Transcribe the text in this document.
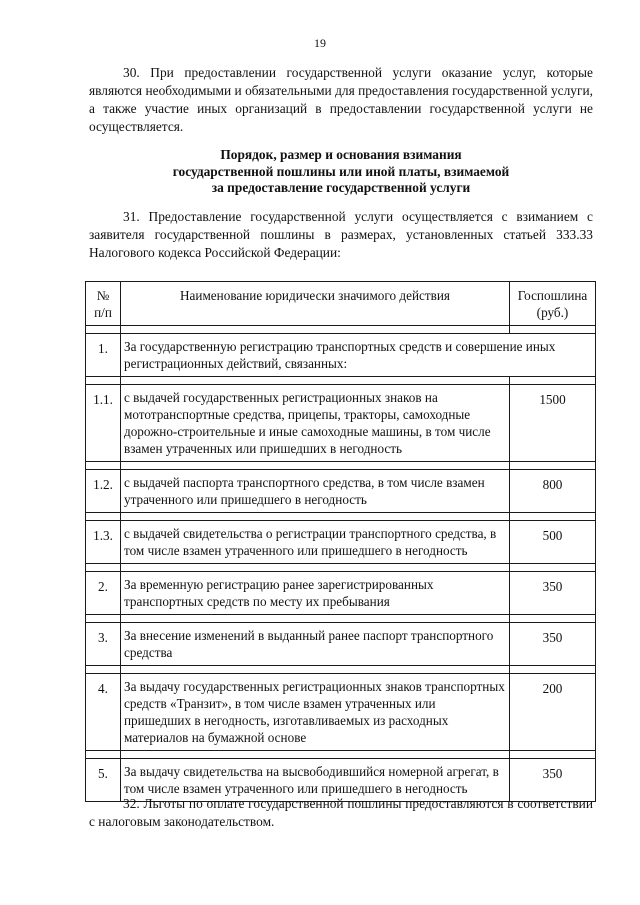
19

30. При предоставлении государственной услуги оказание услуг, которые являются необходимыми и обязательными для предоставления государственной услуги, а также участие иных организаций в предоставлении государственной услуги не осуществляется.

Порядок, размер и основания взимания
государственной пошлины или иной платы, взимаемой
за предоставление государственной услуги

31. Предоставление государственной услуги осуществляется с взиманием с заявителя государственной пошлины в размерах, установленных статьей 333.33 Налогового кодекса Российской Федерации:

№ п/п	Наименование юридически значимого действия	Госпошлина (руб.)

1.	За государственную регистрацию транспортных средств и совершение иных регистрационных действий, связанных:	

1.1.	с выдачей государственных регистрационных знаков на мототранспортные средства, прицепы, тракторы, самоходные дорожно-строительные и иные самоходные машины, в том числе взамен утраченных или пришедших в негодность	1500

1.2.	с выдачей паспорта транспортного средства, в том числе взамен утраченного или пришедшего в негодность	800

1.3.	с выдачей свидетельства о регистрации транспортного средства, в том числе взамен утраченного или пришедшего в негодность	500

2.	За временную регистрацию ранее зарегистрированных транспортных средств по месту их пребывания	350

3.	За внесение изменений в выданный ранее паспорт транспортного средства	350

4.	За выдачу государственных регистрационных знаков транспортных средств «Транзит», в том числе взамен утраченных или пришедших в негодность, изготавливаемых из расходных материалов на бумажной основе	200

5.	За выдачу свидетельства на высвободившийся номерной агрегат, в том числе взамен утраченного или пришедшего в негодность	350

32. Льготы по оплате государственной пошлины предоставляются в соответствии с налоговым законодательством.
